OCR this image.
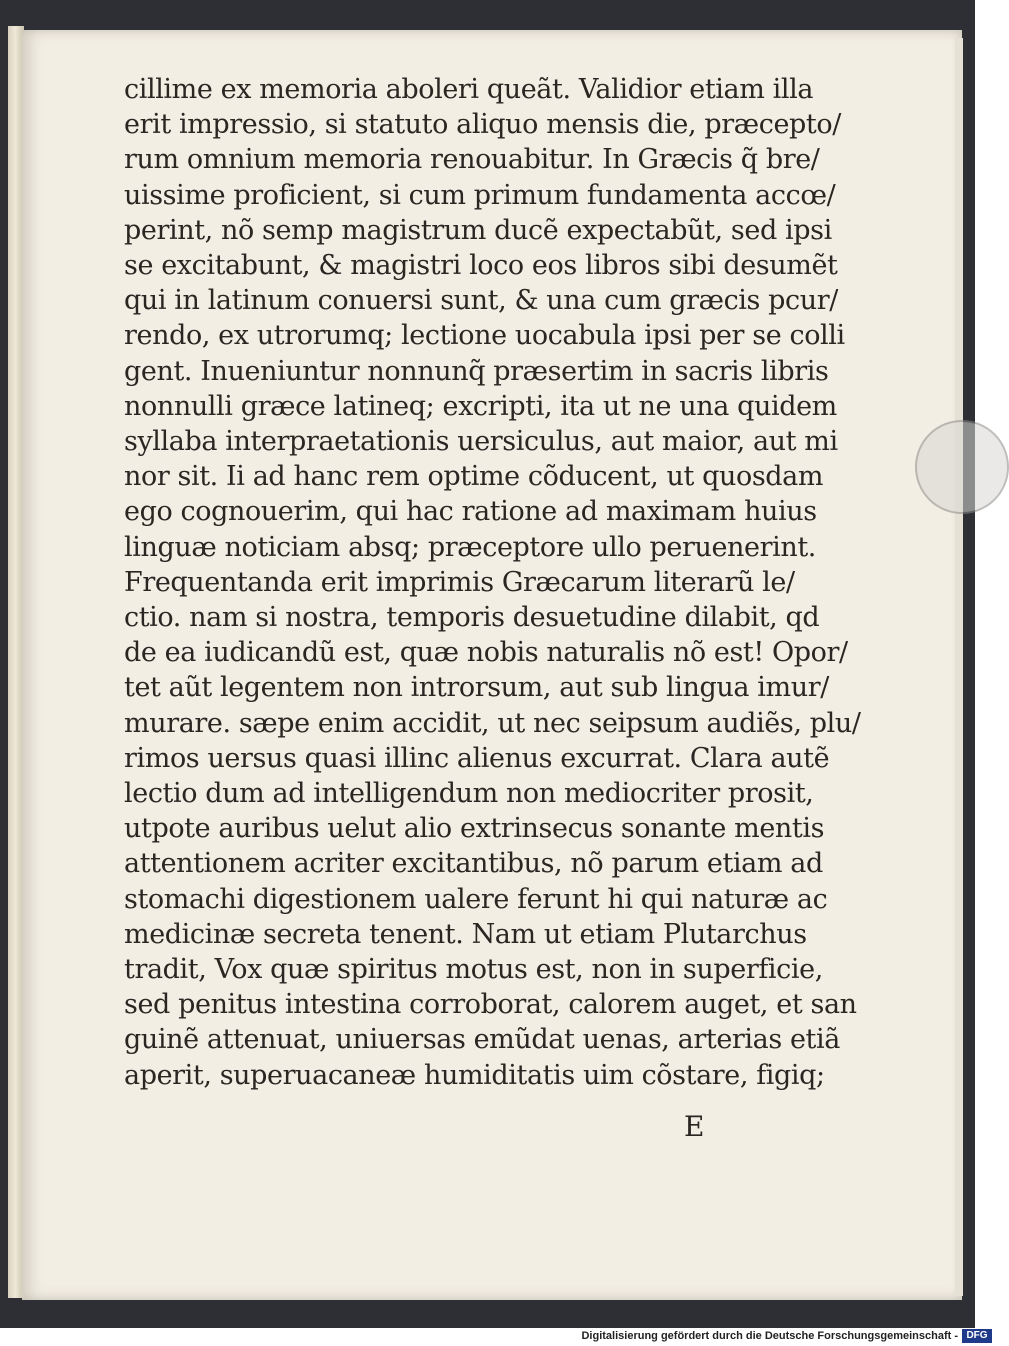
cillime ex memoria aboleri queãt. Validior etiam illa
erit impressio, si statuto aliquo mensis die, præcepto/
rum omnium memoria renouabitur. In Græcis q̃ bre/
uissime proficient, si cum primum fundamenta accœ/
perint, nõ semp magistrum ducẽ expectabũt, sed ipsi
se excitabunt, & magistri loco eos libros sibi desumẽt
qui in latinum conuersi sunt, & una cum græcis pcur/
rendo, ex utrorumq; lectione uocabula ipsi per se colli
gent. Inueniuntur nonnunq̃ præsertim in sacris libris
nonnulli græce latineq; excripti, ita ut ne una quidem
syllaba interpraetationis uersiculus, aut maior, aut mi
nor sit. Ii ad hanc rem optime cõducent, ut quosdam
ego cognouerim, qui hac ratione ad maximam huius
linguæ noticiam absq; præceptore ullo peruenerint.
Frequentanda erit imprimis Græcarum literarũ le/
ctio. nam si nostra, temporis desuetudine dilabit, qd
de ea iudicandũ est, quæ nobis naturalis nõ est! Opor/
tet aũt legentem non introrsum, aut sub lingua imur/
murare. sæpe enim accidit, ut nec seipsum audiẽs, plu/
rimos uersus quasi illinc alienus excurrat. Clara autẽ
lectio dum ad intelligendum non mediocriter prosit,
utpote auribus uelut alio extrinsecus sonante mentis
attentionem acriter excitantibus, nõ parum etiam ad
stomachi digestionem ualere ferunt hi qui naturæ ac
medicinæ secreta tenent. Nam ut etiam Plutarchus
tradit, Vox quæ spiritus motus est, non in superficie,
sed penitus intestina corroborat, calorem auget, et san
guinẽ attenuat, uniuersas emũdat uenas, arterias etiã
aperit, superuacaneæ humiditatis uim cõstare, figiq;
E
Digitalisierung gefördert durch die Deutsche Forschungsgemeinschaft - DFG
